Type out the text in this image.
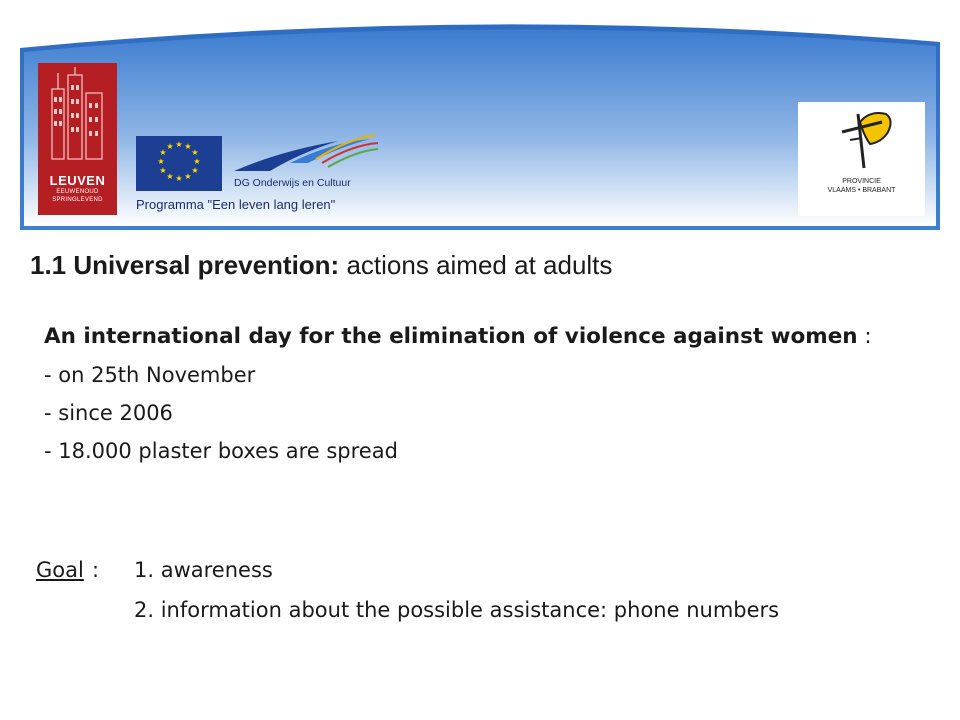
LEUVEN
EEUWENOUD
SPRINGLEVEND
★ ★
★
★
★
★
★
★
★
★
★
★
DG Onderwijs en Cultuur
Programma "Een leven lang leren"
PROVINCIE
VLAAMS • BRABANT
1.1 Universal prevention: actions aimed at adults

An international day for the elimination of violence against women :

- on 25th November

- since 2006

- 18.000 plaster boxes are spread

Goal : 1. awareness
2. information about the possible assistance: phone numbers
